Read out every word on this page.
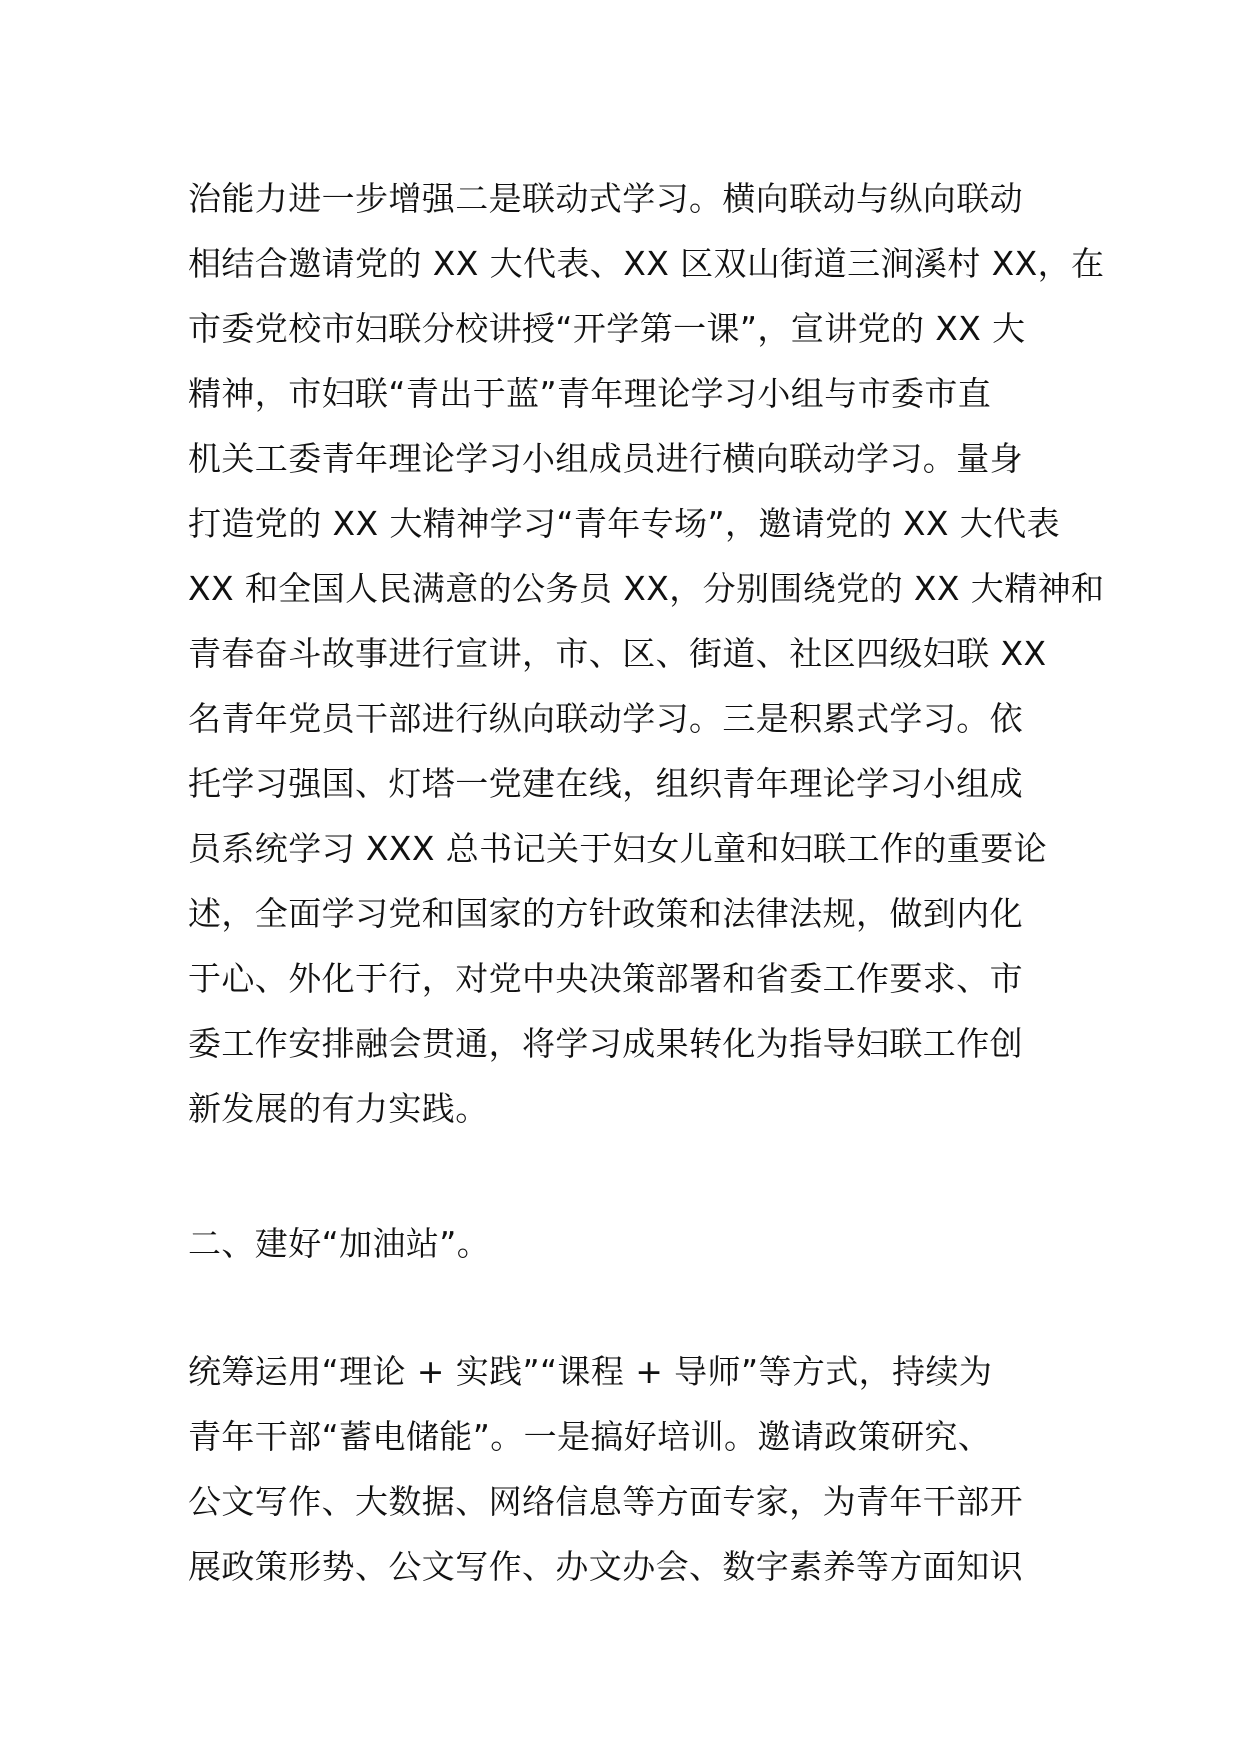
治能力进一步增强二是联动式学习。横向联动与纵向联动
相结合邀请党的 XX 大代表、XX 区双山街道三涧溪村 XX，在
市委党校市妇联分校讲授“开学第一课”，宣讲党的 XX 大
精神，市妇联“青出于蓝”青年理论学习小组与市委市直
机关工委青年理论学习小组成员进行横向联动学习。量身
打造党的 XX 大精神学习“青年专场”，邀请党的 XX 大代表
XX 和全国人民满意的公务员 XX，分别围绕党的 XX 大精神和
青春奋斗故事进行宣讲，市、区、街道、社区四级妇联 XX
名青年党员干部进行纵向联动学习。三是积累式学习。依
托学习强国、灯塔一党建在线，组织青年理论学习小组成
员系统学习 XXX 总书记关于妇女儿童和妇联工作的重要论
述，全面学习党和国家的方针政策和法律法规，做到内化
于心、外化于行，对党中央决策部署和省委工作要求、市
委工作安排融会贯通，将学习成果转化为指导妇联工作创
新发展的有力实践。
二、建好“加油站”。
统筹运用“理论 + 实践”“课程 + 导师”等方式，持续为
青年干部“蓄电储能”。一是搞好培训。邀请政策研究、
公文写作、大数据、网络信息等方面专家，为青年干部开
展政策形势、公文写作、办文办会、数字素养等方面知识
